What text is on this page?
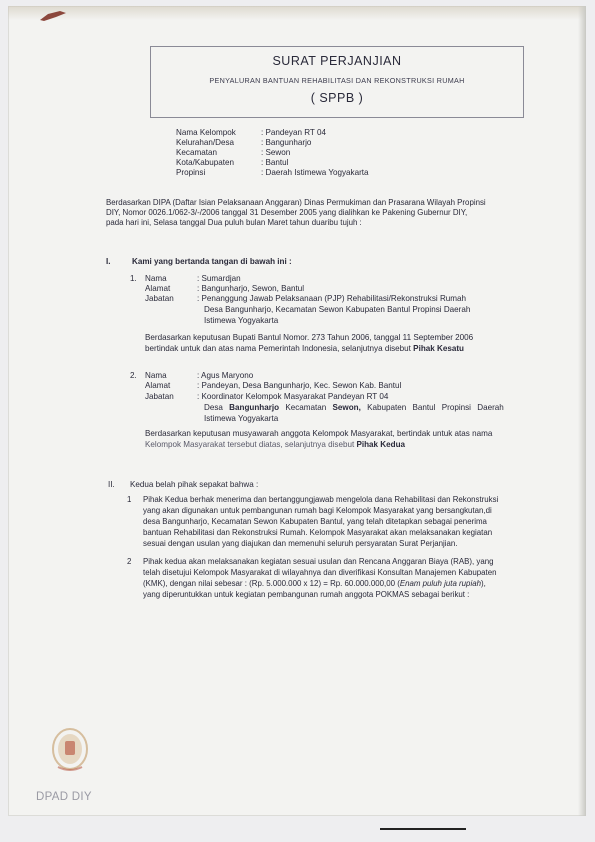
SURAT PERJANJIAN
PENYALURAN BANTUAN REHABILITASI DAN REKONSTRUKSI RUMAH
( SPPB )
Nama Kelompok	: Pandeyan RT 04
Kelurahan/Desa	: Bangunharjo
Kecamatan	: Sewon
Kota/Kabupaten	: Bantul
Propinsi	: Daerah Istimewa Yogyakarta
Berdasarkan DIPA (Daftar Isian Pelaksanaan Anggaran) Dinas Permukiman dan Prasarana Wilayah Propinsi
DIY, Nomor 0026.1/062-3/-/2006 tanggal 31 Desember 2005 yang dialihkan ke Pakening Gubernur DIY,
pada hari ini, Selasa tanggal Dua puluh bulan Maret tahun duaribu tujuh :
I.	Kami yang bertanda tangan di bawah ini :
1. Nama	: Sumardjan
Alamat	: Bangunharjo, Sewon, Bantul
Jabatan	: Penanggung Jawab Pelaksanaan (PJP) Rehabilitasi/Rekonstruksi Rumah
Desa Bangunharjo, Kecamatan Sewon Kabupaten Bantul Propinsi Daerah
Istimewa Yogyakarta
Berdasarkan keputusan Bupati Bantul Nomor. 273 Tahun 2006, tanggal 11 September 2006
bertindak untuk dan atas nama Pemerintah Indonesia, selanjutnya disebut Pihak Kesatu
2. Nama	: Agus Maryono
Alamat	: Pandeyan, Desa Bangunharjo, Kec. Sewon Kab. Bantul
Jabatan	: Koordinator Kelompok Masyarakat Pandeyan RT 04
Desa Bangunharjo Kecamatan Sewon, Kabupaten Bantul Propinsi Daerah
Istimewa Yogyakarta
Berdasarkan keputusan musyawarah anggota Kelompok Masyarakat, bertindak untuk atas nama
Kelompok Masyarakat tersebut diatas, selanjutnya disebut Pihak Kedua
II. Kedua belah pihak sepakat bahwa :
1 Pihak Kedua berhak menerima dan bertanggungjawab mengelola dana Rehabilitasi dan Rekonstruksi
yang akan digunakan untuk pembangunan rumah bagi Kelompok Masyarakat yang bersangkutan,di
desa Bangunharjo, Kecamatan Sewon Kabupaten Bantul, yang telah ditetapkan sebagai penerima
bantuan Rehabilitasi dan Rekonstruksi Rumah. Kelompok Masyarakat akan melaksanakan kegiatan
sesuai dengan usulan yang diajukan dan memenuhi seluruh persyaratan Surat Perjanjian.
2 Pihak kedua akan melaksanakan kegiatan sesuai usulan dan Rencana Anggaran Biaya (RAB), yang
telah disetujui Kelompok Masyarakat di wilayahnya dan diverifikasi Konsultan Manajemen Kabupaten
(KMK), dengan nilai sebesar : (Rp. 5.000.000 x 12) = Rp. 60.000.000,00 (Enam puluh juta rupiah),
yang diperuntukkan untuk kegiatan pembangunan rumah anggota POKMAS sebagai berikut :
DPAD DIY
